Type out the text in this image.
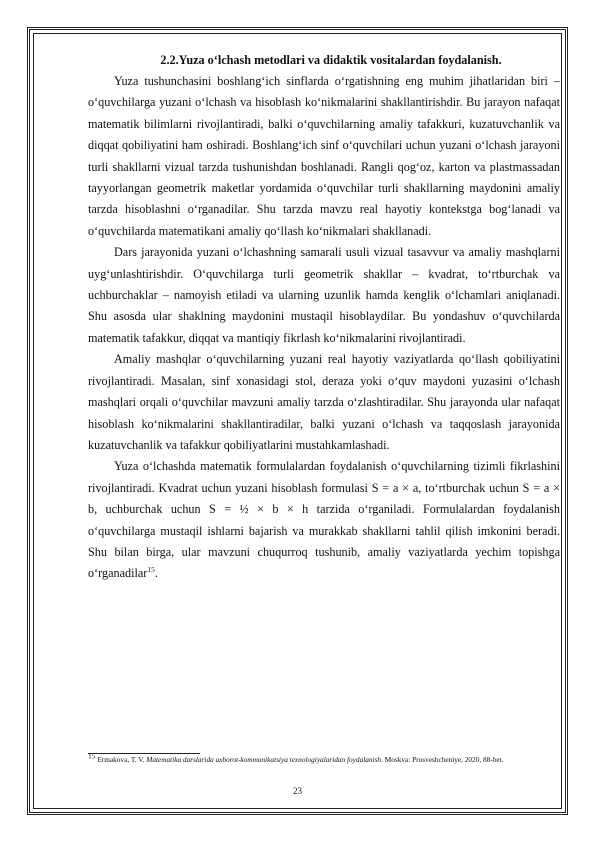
2.2.Yuza o‘lchash metodlari va didaktik vositalardan foydalanish.

Yuza tushunchasini boshlang‘ich sinflarda o‘rgatishning eng muhim jihatlaridan biri – o‘quvchilarga yuzani o‘lchash va hisoblash ko‘nikmalarini shakllantirishdir. Bu jarayon nafaqat matematik bilimlarni rivojlantiradi, balki o‘quvchilarning amaliy tafakkuri, kuzatuvchanlik va diqqat qobiliyatini ham oshiradi. Boshlang‘ich sinf o‘quvchilari uchun yuzani o‘lchash jarayoni turli shakllarni vizual tarzda tushunishdan boshlanadi. Rangli qog‘oz, karton va plastmassadan tayyorlangan geometrik maketlar yordamida o‘quvchilar turli shakllarning maydonini amaliy tarzda hisoblashni o‘rganadilar. Shu tarzda mavzu real hayotiy kontekstga bog‘lanadi va o‘quvchilarda matematikani amaliy qo‘llash ko‘nikmalari shakllanadi.

Dars jarayonida yuzani o‘lchashning samarali usuli vizual tasavvur va amaliy mashqlarni uyg‘unlashtirishdir. O‘quvchilarga turli geometrik shakllar – kvadrat, to‘rtburchak va uchburchaklar – namoyish etiladi va ularning uzunlik hamda kenglik o‘lchamlari aniqlanadi. Shu asosda ular shaklning maydonini mustaqil hisoblaydilar. Bu yondashuv o‘quvchilarda matematik tafakkur, diqqat va mantiqiy fikrlash ko‘nikmalarini rivojlantiradi.

Amaliy mashqlar o‘quvchilarning yuzani real hayotiy vaziyatlarda qo‘llash qobiliyatini rivojlantiradi. Masalan, sinf xonasidagi stol, deraza yoki o‘quv maydoni yuzasini o‘lchash mashqlari orqali o‘quvchilar mavzuni amaliy tarzda o‘zlashtiradilar. Shu jarayonda ular nafaqat hisoblash ko‘nikmalarini shakllantiradilar, balki yuzani o‘lchash va taqqoslash jarayonida kuzatuvchanlik va tafakkur qobiliyatlarini mustahkamlashadi.

Yuza o‘lchashda matematik formulalardan foydalanish o‘quvchilarning tizimli fikrlashini rivojlantiradi. Kvadrat uchun yuzani hisoblash formulasi S = a × a, to‘rtburchak uchun S = a × b, uchburchak uchun S = ½ × b × h tarzida o‘rganiladi. Formulalardan foydalanish o‘quvchilarga mustaqil ishlarni bajarish va murakkab shakllarni tahlil qilish imkonini beradi. Shu bilan birga, ular mavzuni chuqurroq tushunib, amaliy vaziyatlarda yechim topishga o‘rganadilar$^{15}$.

15 Ermakova, T. V. Matematika darslarida axborot-kommunikatsiya texnologiyalaridan foydalanish. Moskva: Prosveshcheniye, 2020, 88-bet.
23
